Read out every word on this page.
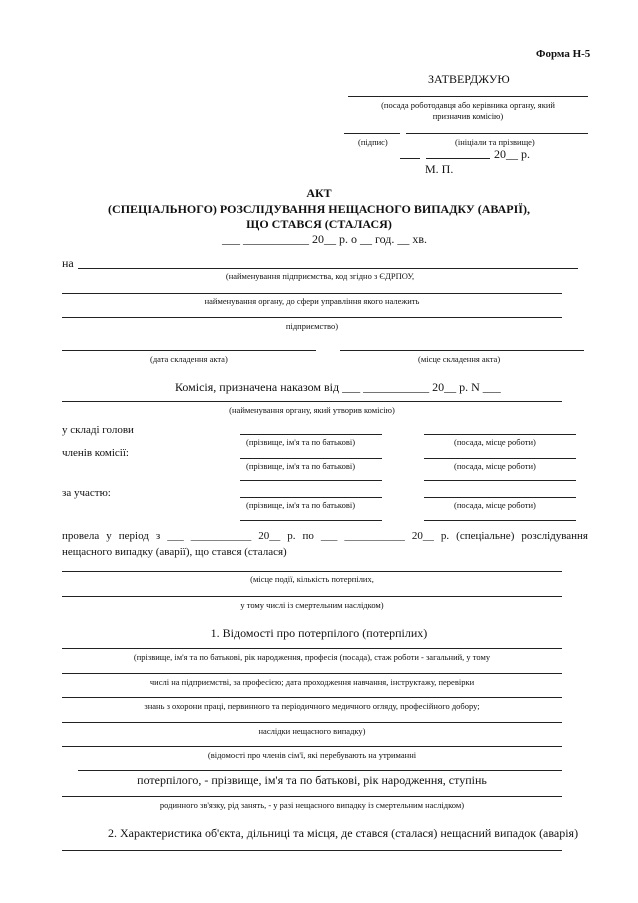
Форма Н-5
ЗАТВЕРДЖУЮ
(посада роботодавця або керівника органу, який
призначив комісію)
(підпис)	(ініціали та прізвище)
20__ р.
М. П.
АКТ
(СПЕЦІАЛЬНОГО) РОЗСЛІДУВАННЯ НЕЩАСНОГО ВИПАДКУ (АВАРІЇ),
ЩО СТАВСЯ (СТАЛАСЯ)
___ ___________ 20__ р. о __ год. __ хв.
на
(найменування підприємства, код згідно з ЄДРПОУ,
найменування органу, до сфери управління якого належить
підприємство)
(дата складення акта)	(місце складення акта)
Комісія, призначена наказом від ___ ___________ 20__ р. N ___
(найменування органу, який утворив комісію)
у складі голови
(прізвище, ім'я та по батькові)	(посада, місце роботи)
членів комісії:
(прізвище, ім'я та по батькові)	(посада, місце роботи)
за участю:
(прізвище, ім'я та по батькові)	(посада, місце роботи)
провела у період з ___ ___________ 20__ р. по ___ ___________ 20__ р. (спеціальне) розслідування
нещасного випадку (аварії), що стався (сталася)
(місце події, кількість потерпілих,
у тому числі із смертельним наслідком)
1. Відомості про потерпілого (потерпілих)
(прізвище, ім'я та по батькові, рік народження, професія (посада), стаж роботи - загальний, у тому
числі на підприємстві, за професією; дата проходження навчання, інструктажу, перевірки
знань з охорони праці, первинного та періодичного медичного огляду, професійного добору;
наслідки нещасного випадку)
(відомості про членів сім'ї, які перебувають на утриманні
потерпілого, - прізвище, ім'я та по батькові, рік народження, ступінь
родинного зв'язку, рід занять, - у разі нещасного випадку із смертельним наслідком)
2. Характеристика об'єкта, дільниці та місця, де стався (сталася) нещасний випадок (аварія)
